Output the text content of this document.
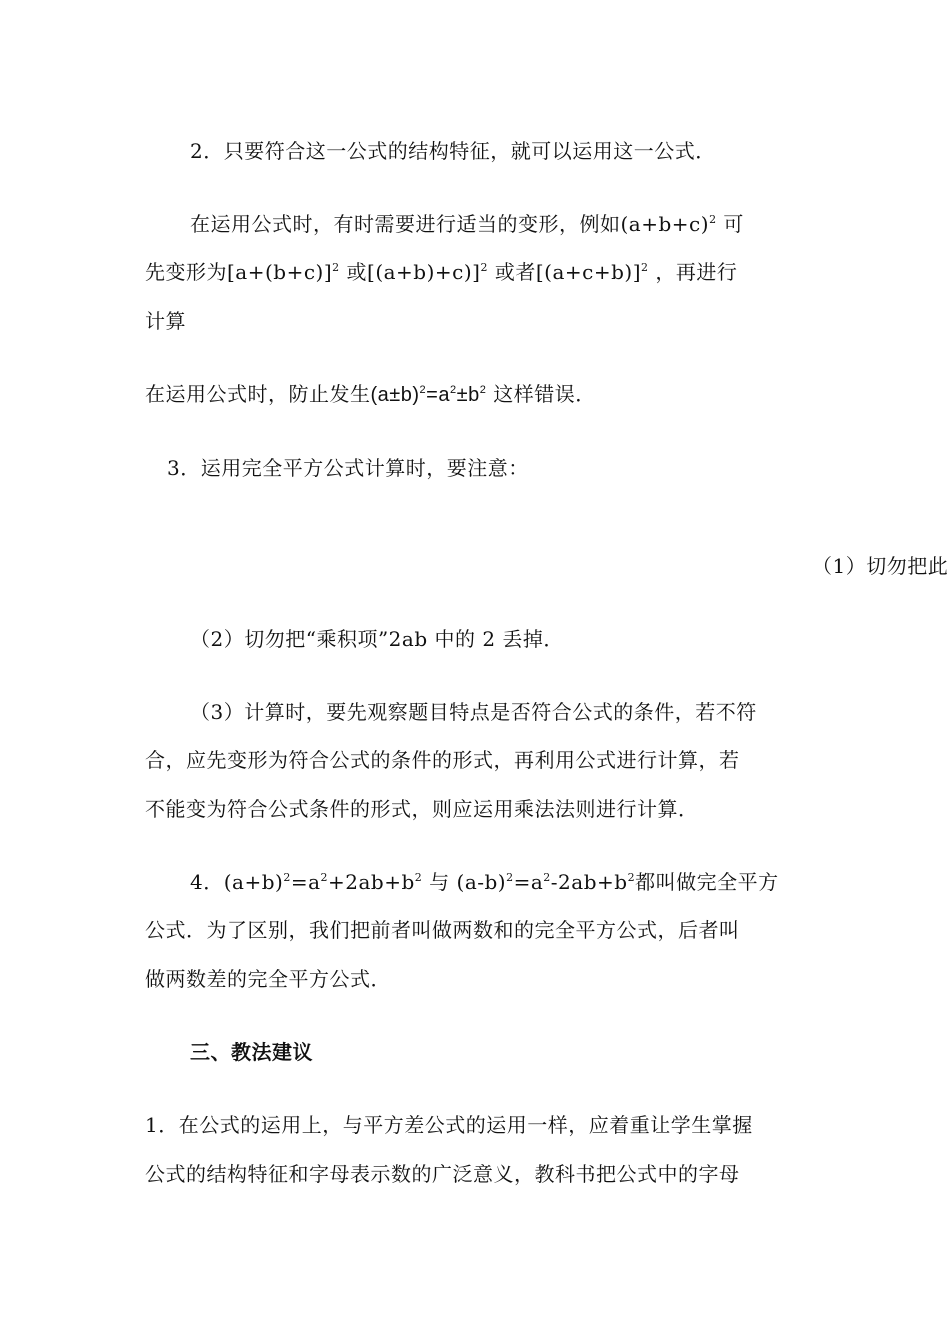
2．只要符合这一公式的结构特征，就可以运用这一公式．
在运用公式时，有时需要进行适当的变形，例如$(a+b+c)^2$ 可
先变形为$[a+(b+c)]^2$ 或$[(a+b)+c)]^2$ 或者$[(a+c+b)]^2$ ，再进行
计算
在运用公式时，防止发生$(a\pm b)^2=a^2\pm b^2$ 这样错误．
3．运用完全平方公式计算时，要注意：
（1）切勿把此
（2）切勿把“乘积项”2ab 中的 2 丢掉．
（3）计算时，要先观察题目特点是否符合公式的条件，若不符
合，应先变形为符合公式的条件的形式，再利用公式进行计算，若
不能变为符合公式条件的形式，则应运用乘法法则进行计算．
4．$(a+b)^2=a^2+2ab+b^2$ 与 $(a-b)^2=a^2-2ab+b^2$都叫做完全平方
公式．为了区别，我们把前者叫做两数和的完全平方公式，后者叫
做两数差的完全平方公式．
三、教法建议
1．在公式的运用上，与平方差公式的运用一样，应着重让学生掌握
公式的结构特征和字母表示数的广泛意义，教科书把公式中的字母
